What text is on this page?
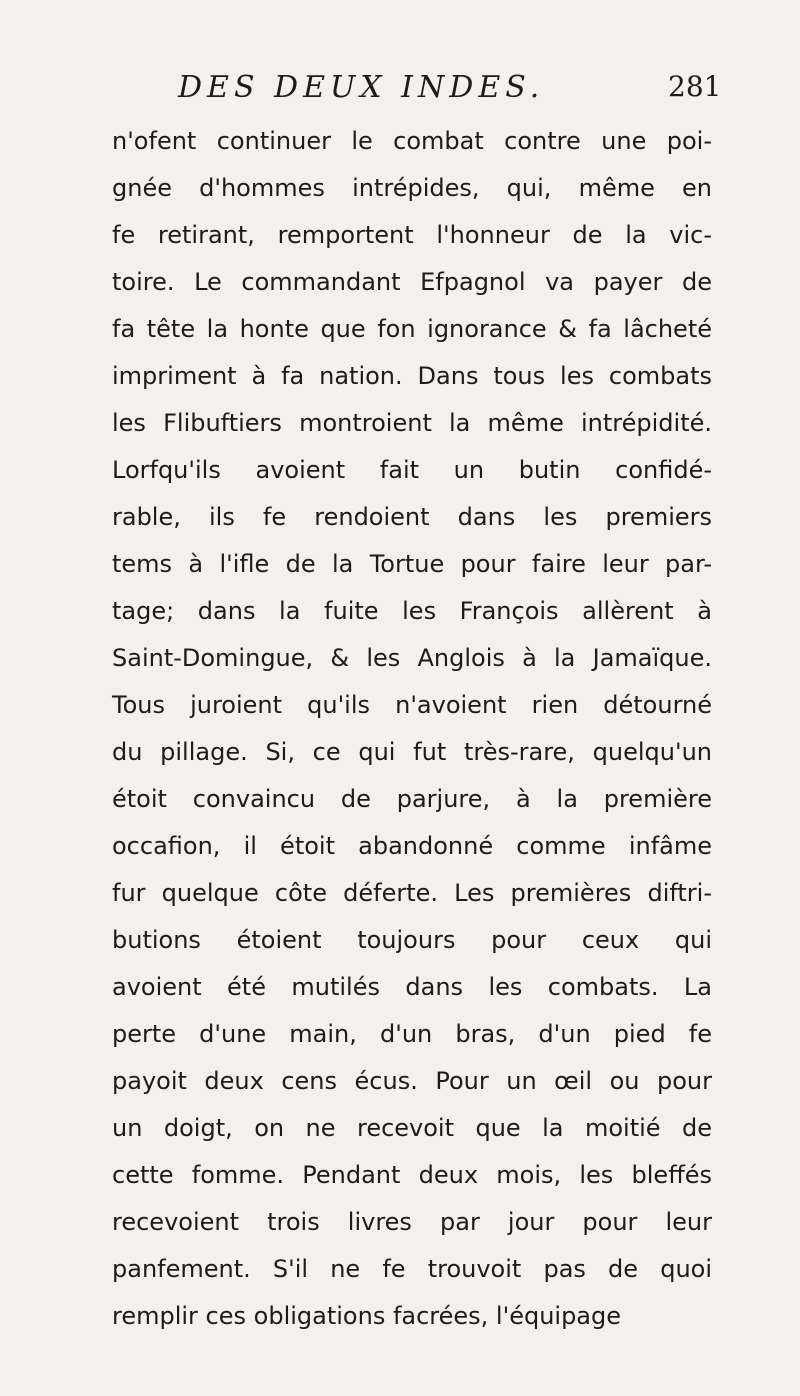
DES DEUX INDES.	281
n'ofent continuer le combat contre une poi-
gnée d'hommes intrépides, qui, même en
fe retirant, remportent l'honneur de la vic-
toire. Le commandant Efpagnol va payer de
fa tête la honte que fon ignorance & fa lâcheté
impriment à fa nation. Dans tous les combats
les Flibuftiers montroient la même intrépidité.
Lorfqu'ils avoient fait un butin confidé-
rable, ils fe rendoient dans les premiers
tems à l'ifle de la Tortue pour faire leur par-
tage; dans la fuite les François allèrent à
Saint-Domingue, & les Anglois à la Jamaïque.
Tous juroient qu'ils n'avoient rien détourné
du pillage. Si, ce qui fut très-rare, quelqu'un
étoit convaincu de parjure, à la première
occafion, il étoit abandonné comme infâme
fur quelque côte déferte. Les premières diftri-
butions étoient toujours pour ceux qui
avoient été mutilés dans les combats. La
perte d'une main, d'un bras, d'un pied fe
payoit deux cens écus. Pour un œil ou pour
un doigt, on ne recevoit que la moitié de
cette fomme. Pendant deux mois, les bleffés
recevoient trois livres par jour pour leur
panfement. S'il ne fe trouvoit pas de quoi
remplir ces obligations facrées, l'équipage
